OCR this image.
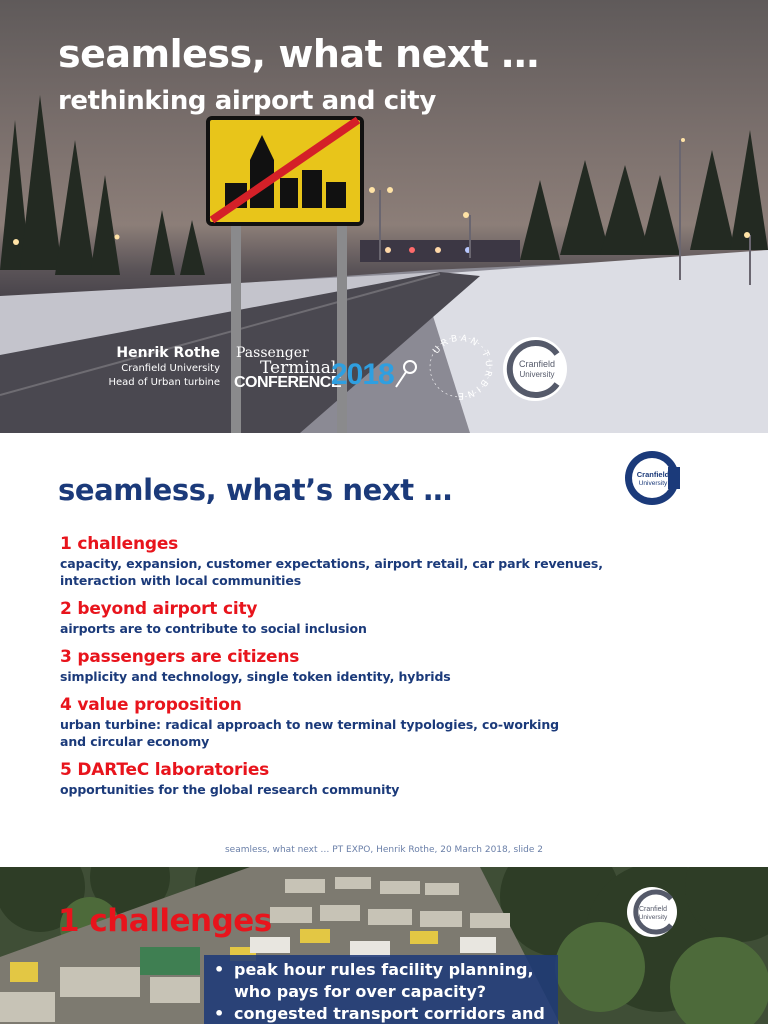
seamless, what next …
rethinking airport and city
Henrik Rothe
Cranfield University
Head of Urban turbine
Passenger
Terminal
CONFERENCE
2018
URBAN TURBINE
Cranfield
University
seamless, what’s next …	Cranfield
University
1 challenges
capacity, expansion, customer expectations, airport retail, car park revenues,
interaction with local communities
2 beyond airport city
airports are to contribute to social inclusion
3 passengers are citizens
simplicity and technology, single token identity, hybrids
4 value proposition
urban turbine: radical approach to new terminal typologies, co-working
and circular economy
5 DARTeC laboratories
opportunities for the global research community
seamless, what next … PT EXPO, Henrik Rothe, 20 March 2018, slide 2
1 challenges	Cranfield
University
• peak hour rules facility planning,
who pays for over capacity?
• congested transport corridors and
